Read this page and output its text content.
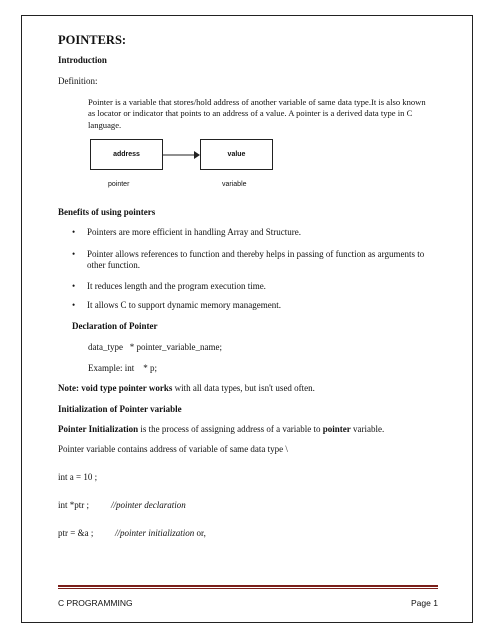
POINTERS:
Introduction
Definition:
Pointer is a variable that stores/hold address of another variable of same data type.It is also known as locator or indicator that points to an address of a value. A pointer is a derived data type in C language.
address	value
pointer	variable
Benefits of using pointers
• Pointers are more efficient in handling Array and Structure.
• Pointer allows references to function and thereby helps in passing of function as arguments to other function.
• It reduces length and the program execution time.
• It allows C to support dynamic memory management.
Declaration of Pointer
data_type   * pointer_variable_name;
Example: int    * p;
Note: void type pointer works with all data types, but isn't used often.
Initialization of Pointer variable
Pointer Initialization is the process of assigning address of a variable to pointer variable.
Pointer variable contains address of variable of same data type \
int a = 10 ;
int *ptr ; //pointer declaration
ptr = &a ; //pointer initialization or,
C PROGRAMMING	Page 1
